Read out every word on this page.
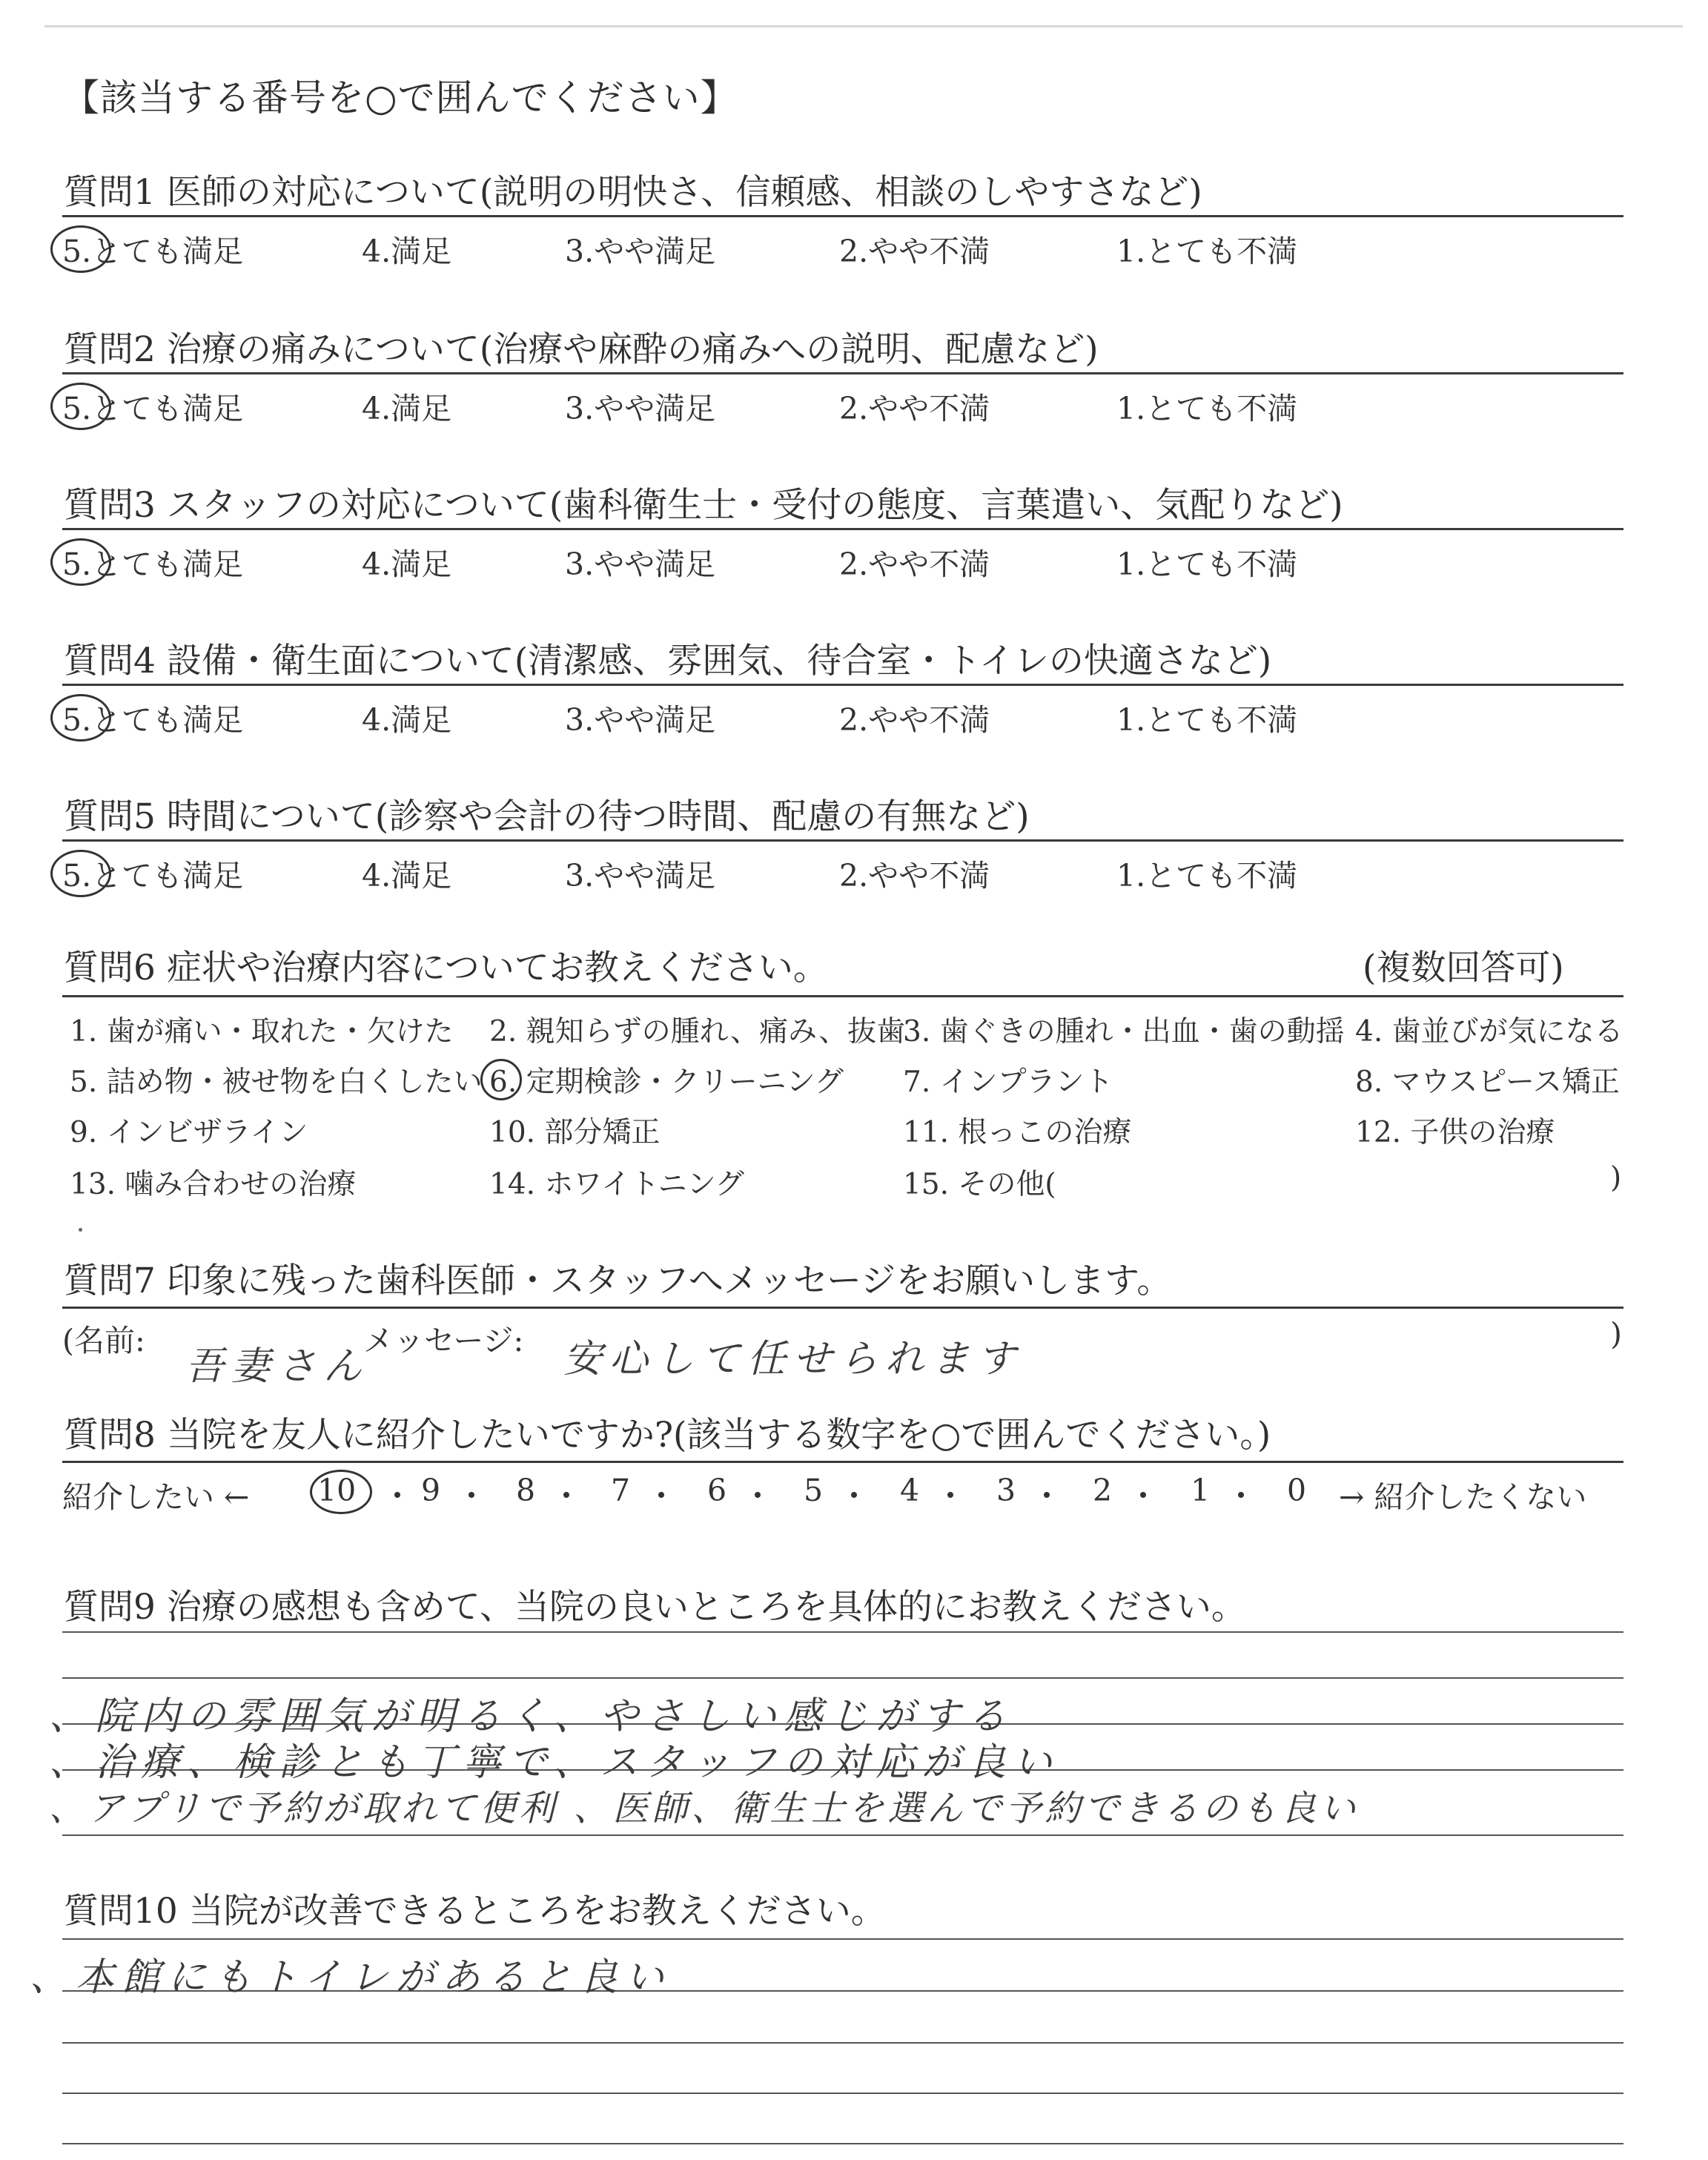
【該当する番号を○で囲んでください】
質問1 医師の対応について(説明の明快さ、信頼感、相談のしやすさなど)
5.とても満足	4.満足	3.やや満足	2.やや不満	1.とても不満
質問2 治療の痛みについて(治療や麻酔の痛みへの説明、配慮など)
5.とても満足	4.満足	3.やや満足	2.やや不満	1.とても不満
質問3 スタッフの対応について(歯科衛生士・受付の態度、言葉遣い、気配りなど)
5.とても満足	4.満足	3.やや満足	2.やや不満	1.とても不満
質問4 設備・衛生面について(清潔感、雰囲気、待合室・トイレの快適さなど)
5.とても満足	4.満足	3.やや満足	2.やや不満	1.とても不満
質問5 時間について(診察や会計の待つ時間、配慮の有無など)
5.とても満足	4.満足	3.やや満足	2.やや不満	1.とても不満
質問6 症状や治療内容についてお教えください。	(複数回答可)
1. 歯が痛い・取れた・欠けた 2. 親知らずの腫れ、痛み、抜歯
3. 歯ぐきの腫れ・出血・歯の動揺 4. 歯並びが気になる
5. 詰め物・被せ物を白くしたい 6. 定期検診・クリーニング 7. インプラント	8. マウスピース矯正
9. インビザライン	10. 部分矯正	11. 根っこの治療	12. 子供の治療
13. 噛み合わせの治療	14. ホワイトニング	15. その他(	)
質問7 印象に残った歯科医師・スタッフへメッセージをお願いします。
(名前:
吾妻さん
メッセージ: 安心して任せられます
)
質問8 当院を友人に紹介したいですか?(該当する数字を○で囲んでください。)
紹介したい ← 10 9 8 7	6	5	4	3	2	1	0 → 紹介したくない
質問9 治療の感想も含めて、当院の良いところを具体的にお教えください。
、院内の雰囲気が明るく、やさしい感じがする
、治療、検診とも丁寧で、スタッフの対応が良い
、アプリで予約が取れて便利 、医師、衛生士を選んで予約できるのも良い
質問10 当院が改善できるところをお教えください。
、本館にもトイレがあると良い
